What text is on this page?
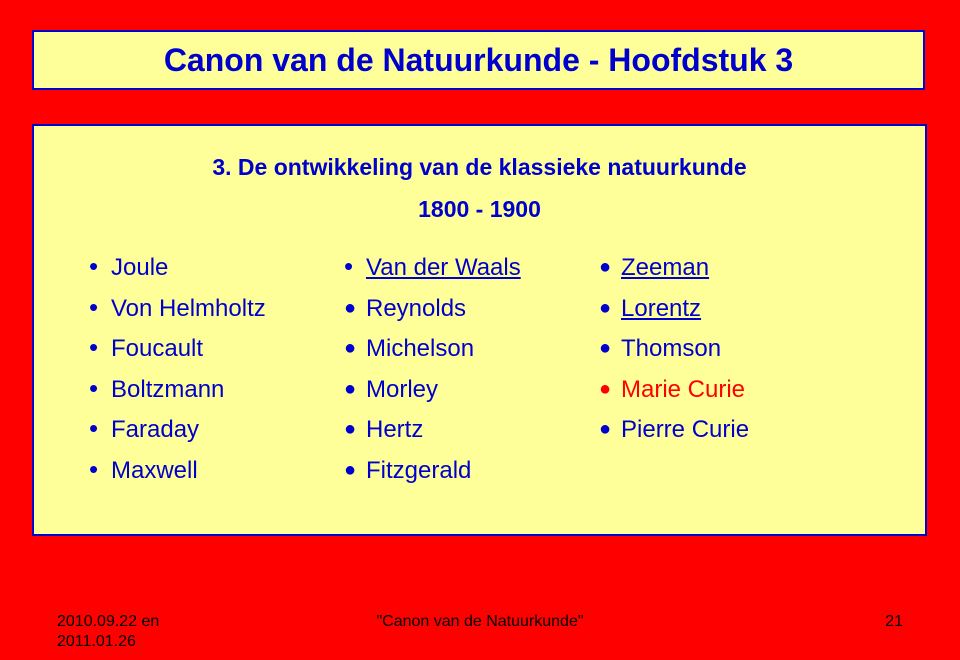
Canon van de Natuurkunde - Hoofdstuk 3
3. De ontwikkeling van de klassieke natuurkunde
1800 - 1900
• Joule
• Von Helmholtz
• Foucault
• Boltzmann
• Faraday
• Maxwell
• Van der Waals
● Reynolds
● Michelson
● Morley
● Hertz
● Fitzgerald
● Zeeman
● Lorentz
● Thomson
● Marie Curie
● Pierre Curie
2010.09.22 en 2011.01.26
"Canon van de Natuurkunde"	21
